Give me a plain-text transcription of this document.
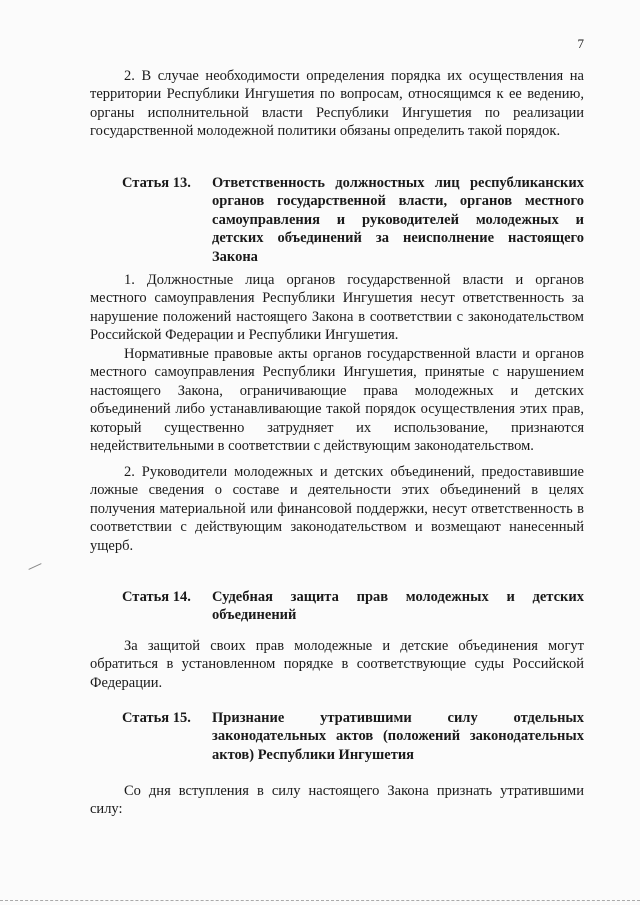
7
2. В случае необходимости определения порядка их осуществления на территории Республики Ингушетия по вопросам, относящимся к ее ведению, органы исполнительной власти Республики Ингушетия по реализации государственной молодежной политики обязаны определить такой порядок.
Статья 13. Ответственность должностных лиц республиканских органов государственной власти, органов местного самоуправления и руководителей молодежных и детских объединений за неисполнение настоящего Закона
1. Должностные лица органов государственной власти и органов местного самоуправления Республики Ингушетия несут ответственность за нарушение положений настоящего Закона в соответствии с законодательством Российской Федерации и Республики Ингушетия.
Нормативные правовые акты органов государственной власти и органов местного самоуправления Республики Ингушетия, принятые с нарушением настоящего Закона, ограничивающие права молодежных и детских объединений либо устанавливающие такой порядок осуществления этих прав, который существенно затрудняет их использование, признаются недействительными в соответствии с действующим законодательством.
2. Руководители молодежных и детских объединений, предоставившие ложные сведения о составе и деятельности этих объединений в целях получения материальной или финансовой поддержки, несут ответственность в соответствии с действующим законодательством и возмещают нанесенный ущерб.
Статья 14. Судебная защита прав молодежных и детских объединений
За защитой своих прав молодежные и детские объединения могут обратиться в установленном порядке в соответствующие суды Российской Федерации.
Статья 15. Признание утратившими силу отдельных законодательных актов (положений законодательных актов) Республики Ингушетия
Со дня вступления в силу настоящего Закона признать утратившими силу:
